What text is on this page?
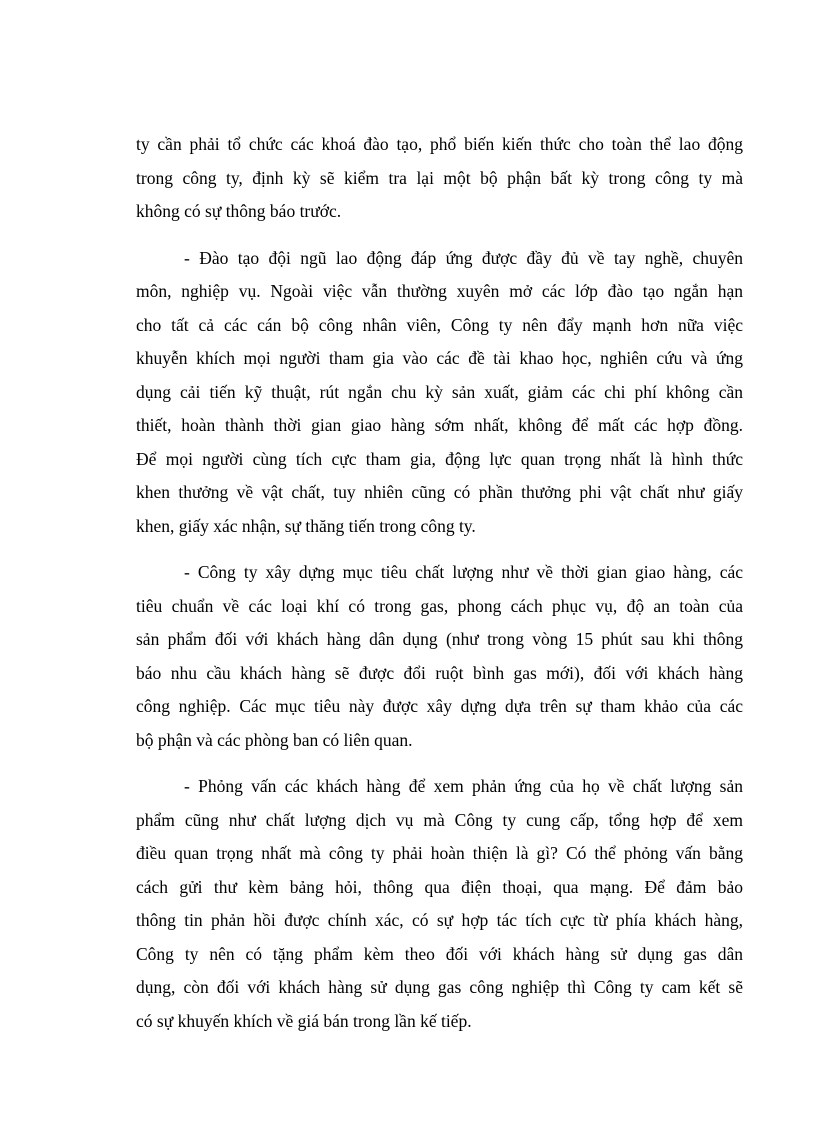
ty cần phải tổ chức các khoá đào tạo, phổ biến kiến thức cho toàn thể lao động
trong công ty, định kỳ sẽ kiểm tra lại một bộ phận bất kỳ trong công ty mà
không có sự thông báo trước.
- Đào tạo đội ngũ lao động đáp ứng được đầy đủ về tay nghề, chuyên
môn, nghiệp vụ. Ngoài việc vẫn thường xuyên mở các lớp đào tạo ngắn hạn
cho tất cả các cán bộ công nhân viên, Công ty nên đẩy mạnh hơn nữa việc
khuyễn khích mọi người tham gia vào các đề tài khao học, nghiên cứu và ứng
dụng cải tiến kỹ thuật, rút ngắn chu kỳ sản xuất, giảm các chi phí không cần
thiết, hoàn thành thời gian giao hàng sớm nhất, không để mất các hợp đồng.
Để mọi người cùng tích cực tham gia, động lực quan trọng nhất là hình thức
khen thưởng về vật chất, tuy nhiên cũng có phần thưởng phi vật chất như giấy
khen, giấy xác nhận, sự thăng tiến trong công ty.
- Công ty xây dựng mục tiêu chất lượng như về thời gian giao hàng, các
tiêu chuẩn về các loại khí có trong gas, phong cách phục vụ, độ an toàn của
sản phẩm đối với khách hàng dân dụng (như trong vòng 15 phút sau khi thông
báo nhu cầu khách hàng sẽ được đổi ruột bình gas mới), đối với khách hàng
công nghiệp. Các mục tiêu này được xây dựng dựa trên sự tham khảo của các
bộ phận và các phòng ban có liên quan.
- Phỏng vấn các khách hàng để xem phản ứng của họ về chất lượng sản
phẩm cũng như chất lượng dịch vụ mà Công ty cung cấp, tổng hợp để xem
điều quan trọng nhất mà công ty phải hoàn thiện là gì? Có thể phỏng vấn bằng
cách gửi thư kèm bảng hỏi, thông qua điện thoại, qua mạng. Để đảm bảo
thông tin phản hồi được chính xác, có sự hợp tác tích cực từ phía khách hàng,
Công ty nên có tặng phẩm kèm theo đối với khách hàng sử dụng gas dân
dụng, còn đối với khách hàng sử dụng gas công nghiệp thì Công ty cam kết sẽ
có sự khuyến khích về giá bán trong lần kế tiếp.
